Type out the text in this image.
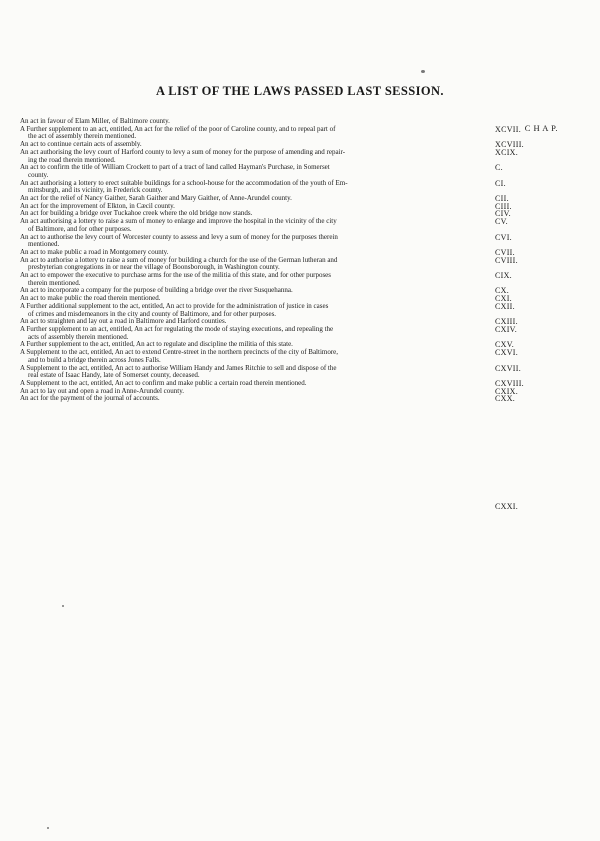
A LIST OF THE LAWS PASSED LAST SESSION.
C H A P.
An act in favour of Elam Miller, of Baltimore county.
A Further supplement to an act, entitled, An act for the relief of the poor of Caroline county, and to repeal part of
the act of assembly therein mentioned.
XCVII.
An act to continue certain acts of assembly.	XCVIII.
An act authorising the levy court of Harford county to levy a sum of money for the purpose of amending and repair-
ing the road therein mentioned.
XCIX.
An act to confirm the title of William Crockett to part of a tract of land called Hayman's Purchase, in Somerset
county.
C.
An act authorising a lottery to erect suitable buildings for a school-house for the accommodation of the youth of Em-
mittsburgh, and its vicinity, in Frederick county.
CI.
An act for the relief of Nancy Gaither, Sarah Gaither and Mary Gaither, of Anne-Arundel county.	CII.
An act for the improvement of Elkton, in Cæcil county.	CIII.
An act for building a bridge over Tuckahoe creek where the old bridge now stands.	CIV.
An act authorising a lottery to raise a sum of money to enlarge and improve the hospital in the vicinity of the city
of Baltimore, and for other purposes.
CV.
An act to authorise the levy court of Worcester county to assess and levy a sum of money for the purposes therein
mentioned.
CVI.
An act to make public a road in Montgomery county.	CVII.
An act to authorise a lottery to raise a sum of money for building a church for the use of the German lutheran and
presbyterian congregations in or near the village of Boonsborough, in Washington county.
CVIII.
An act to empower the executive to purchase arms for the use of the militia of this state, and for other purposes
therein mentioned.
CIX.
An act to incorporate a company for the purpose of building a bridge over the river Susquehanna.	CX.
An act to make public the road therein mentioned.	CXI.
A Further additional supplement to the act, entitled, An act to provide for the administration of justice in cases
of crimes and misdemeanors in the city and county of Baltimore, and for other purposes.
CXII.
An act to straighten and lay out a road in Baltimore and Harford counties.	CXIII.
A Further supplement to an act, entitled, An act for regulating the mode of staying executions, and repealing the
acts of assembly therein mentioned.
CXIV.
A Further supplement to the act, entitled, An act to regulate and discipline the militia of this state.	CXV.
A Supplement to the act, entitled, An act to extend Centre-street in the northern precincts of the city of Baltimore,
and to build a bridge therein across Jones Falls.
CXVI.
A Supplement to the act, entitled, An act to authorise William Handy and James Ritchie to sell and dispose of the
real estate of Isaac Handy, late of Somerset county, deceased.
CXVII.
A Supplement to the act, entitled, An act to confirm and make public a certain road therein mentioned.	CXVIII.
An act to lay out and open a road in Anne-Arundel county.	CXIX.
An act for the payment of the journal of accounts.	CXX.
CXXI.
